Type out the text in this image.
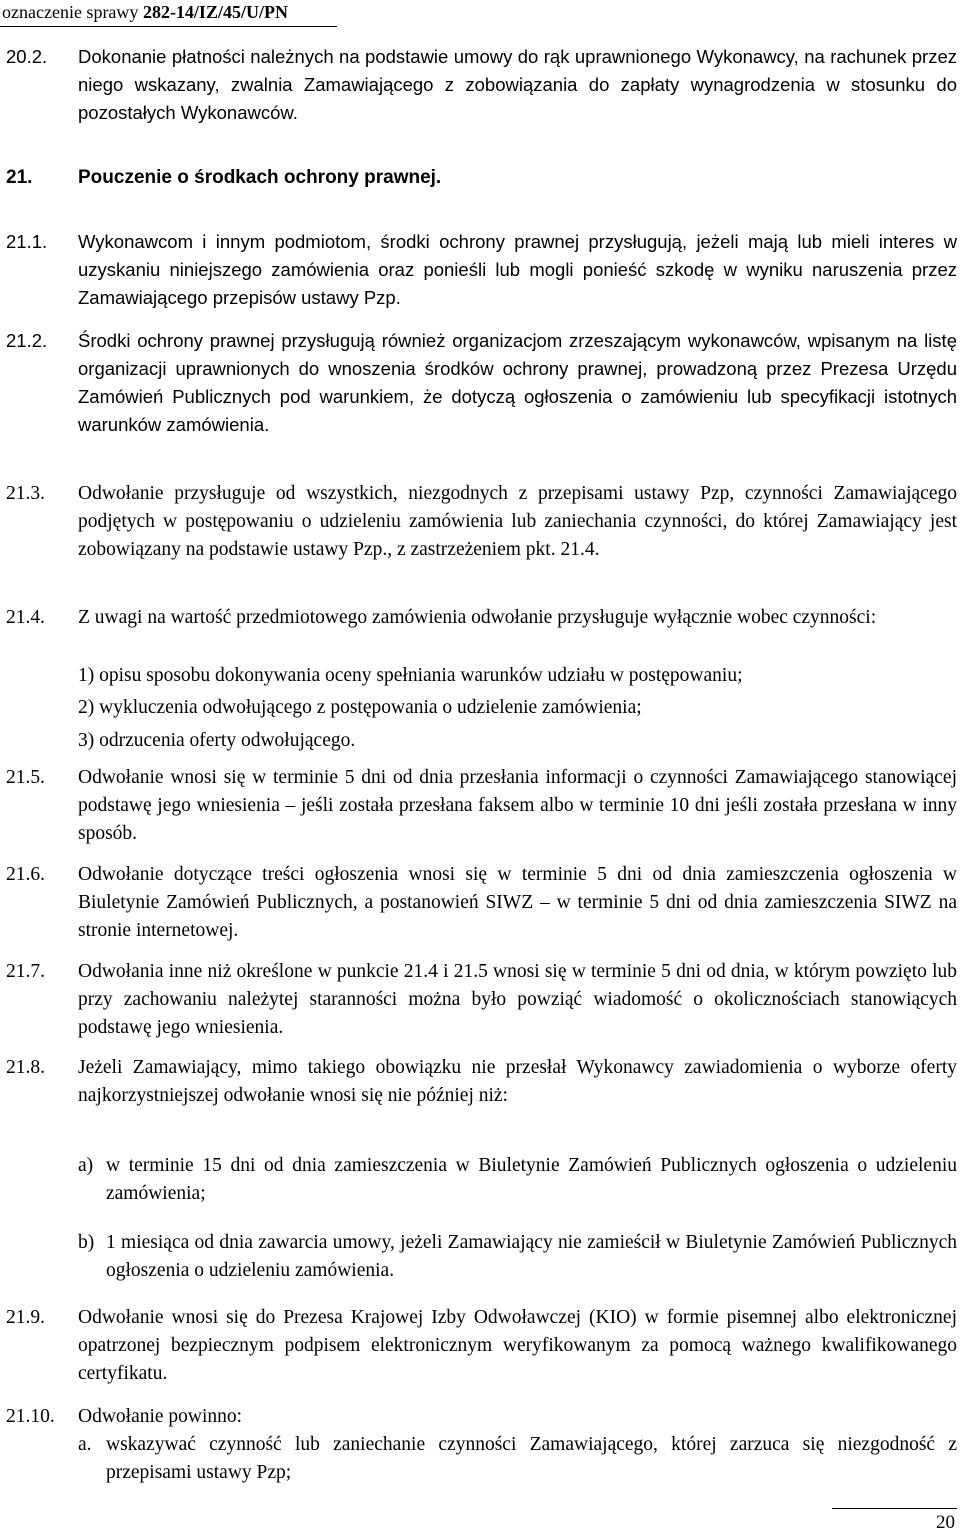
oznaczenie sprawy 282-14/IZ/45/U/PN
20.2. Dokonanie płatności należnych na podstawie umowy do rąk uprawnionego Wykonawcy, na rachunek przez niego wskazany, zwalnia Zamawiającego z zobowiązania do zapłaty wynagrodzenia w stosunku do pozostałych Wykonawców.
21. Pouczenie o środkach ochrony prawnej.
21.1. Wykonawcom i innym podmiotom, środki ochrony prawnej przysługują, jeżeli mają lub mieli interes w uzyskaniu niniejszego zamówienia oraz ponieśli lub mogli ponieść szkodę w wyniku naruszenia przez Zamawiającego przepisów ustawy Pzp.
21.2. Środki ochrony prawnej przysługują również organizacjom zrzeszającym wykonawców, wpisanym na listę organizacji uprawnionych do wnoszenia środków ochrony prawnej, prowadzoną przez Prezesa Urzędu Zamówień Publicznych pod warunkiem, że dotyczą ogłoszenia o zamówieniu lub specyfikacji istotnych warunków zamówienia.
21.3. Odwołanie przysługuje od wszystkich, niezgodnych z przepisami ustawy Pzp, czynności Zamawiającego podjętych w postępowaniu o udzieleniu zamówienia lub zaniechania czynności, do której Zamawiający jest zobowiązany na podstawie ustawy Pzp., z zastrzeżeniem pkt. 21.4.
21.4. Z uwagi na wartość przedmiotowego zamówienia odwołanie przysługuje wyłącznie wobec czynności:
1) opisu sposobu dokonywania oceny spełniania warunków udziału w postępowaniu;
2) wykluczenia odwołującego z postępowania o udzielenie zamówienia;
3) odrzucenia oferty odwołującego.
21.5. Odwołanie wnosi się w terminie 5 dni od dnia przesłania informacji o czynności Zamawiającego stanowiącej podstawę jego wniesienia – jeśli została przesłana faksem albo w terminie 10 dni jeśli została przesłana w inny sposób.
21.6. Odwołanie dotyczące treści ogłoszenia wnosi się w terminie 5 dni od dnia zamieszczenia ogłoszenia w Biuletynie Zamówień Publicznych, a postanowień SIWZ – w terminie 5 dni od dnia zamieszczenia SIWZ na stronie internetowej.
21.7. Odwołania inne niż określone w punkcie 21.4 i 21.5 wnosi się w terminie 5 dni od dnia, w którym powzięto lub przy zachowaniu należytej staranności można było powziąć wiadomość o okolicznościach stanowiących podstawę jego wniesienia.
21.8. Jeżeli Zamawiający, mimo takiego obowiązku nie przesłał Wykonawcy zawiadomienia o wyborze oferty najkorzystniejszej odwołanie wnosi się nie później niż:
a) w terminie 15 dni od dnia zamieszczenia w Biuletynie Zamówień Publicznych ogłoszenia o udzieleniu zamówienia;
b) 1 miesiąca od dnia zawarcia umowy, jeżeli Zamawiający nie zamieścił w Biuletynie Zamówień Publicznych ogłoszenia o udzieleniu zamówienia.
21.9. Odwołanie wnosi się do Prezesa Krajowej Izby Odwoławczej (KIO) w formie pisemnej albo elektronicznej opatrzonej bezpiecznym podpisem elektronicznym weryfikowanym za pomocą ważnego kwalifikowanego certyfikatu.
21.10. Odwołanie powinno:
a. wskazywać czynność lub zaniechanie czynności Zamawiającego, której zarzuca się niezgodność z przepisami ustawy Pzp;
20
